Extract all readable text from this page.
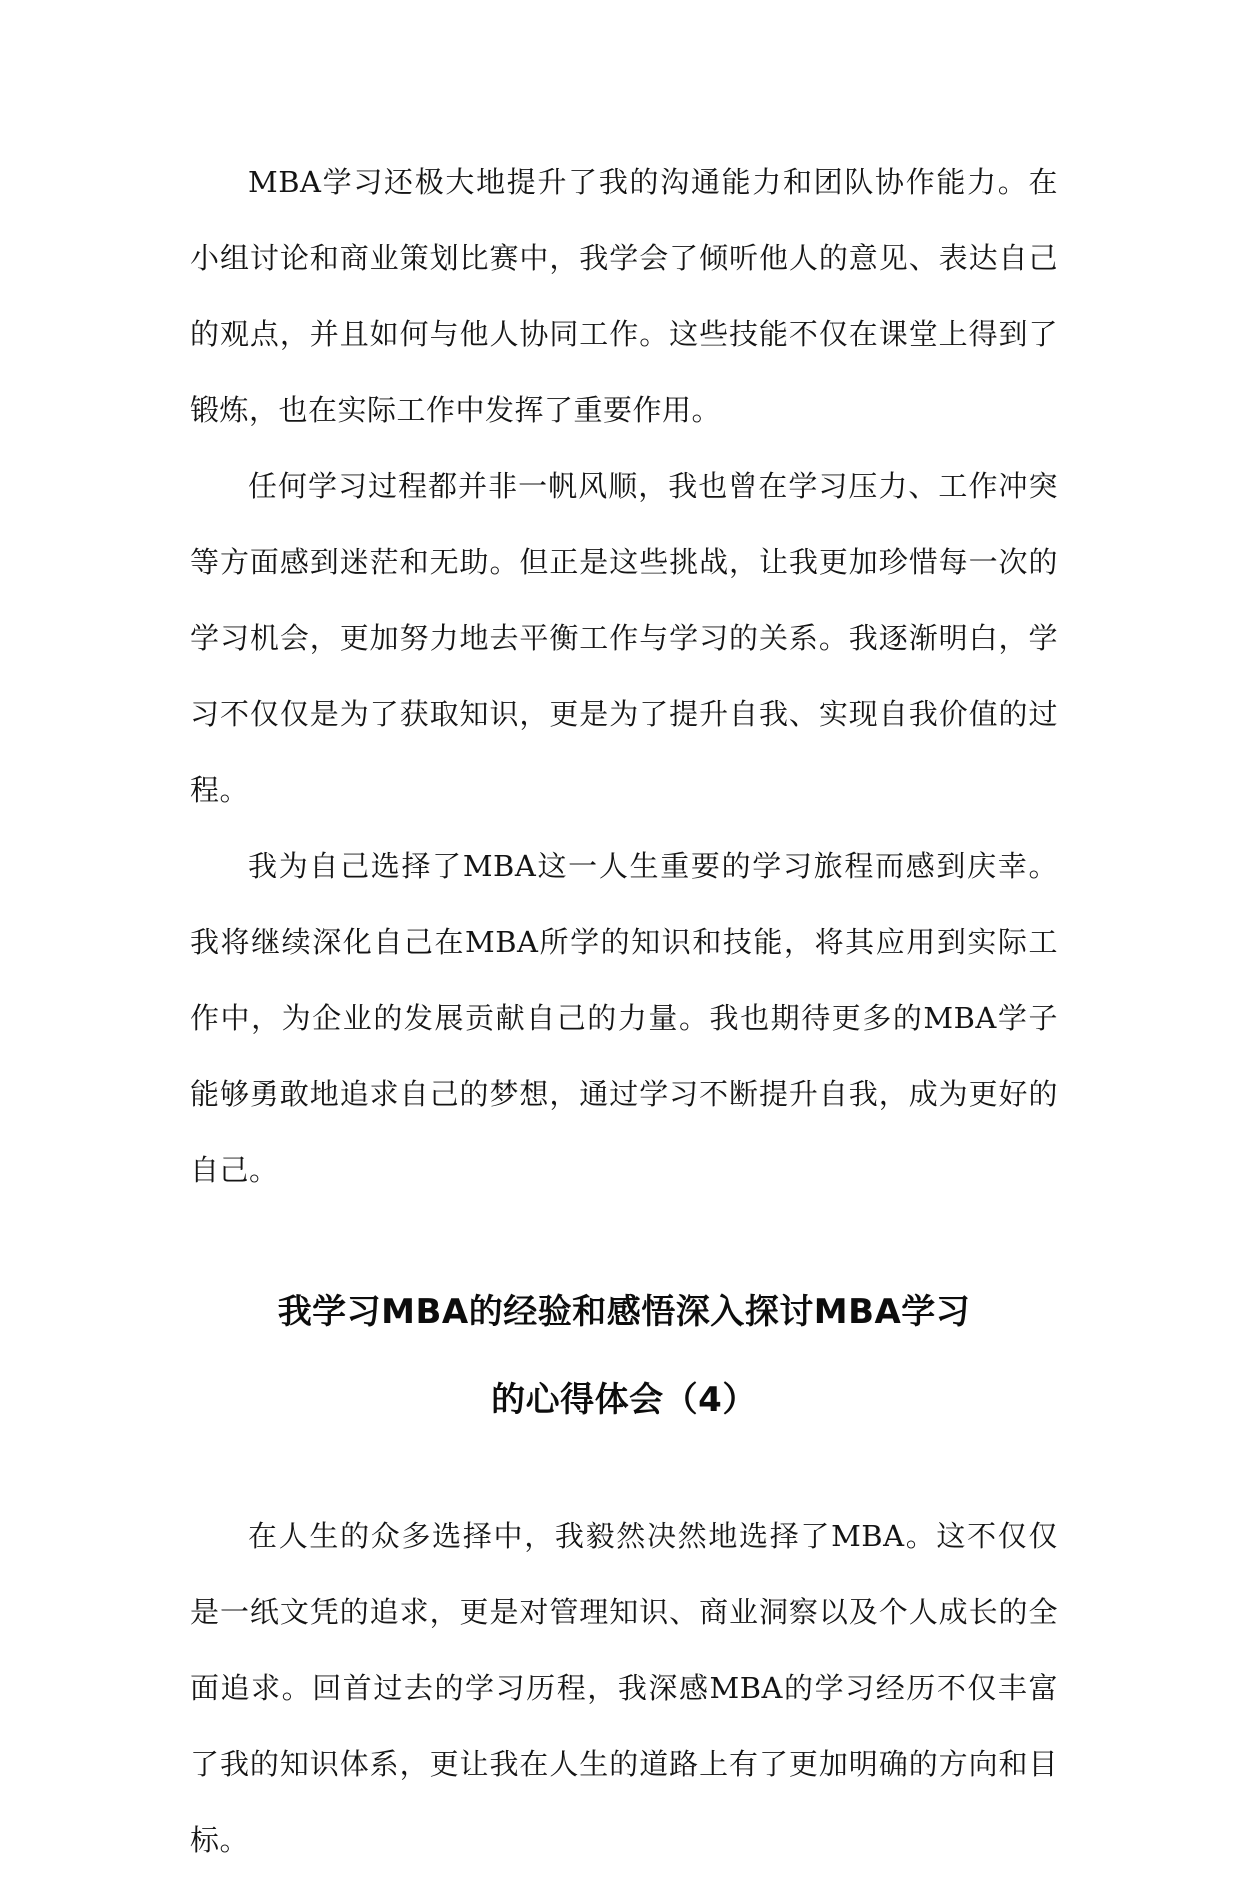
MBA学习还极大地提升了我的沟通能力和团队协作能力。在小组讨论和商业策划比赛中，我学会了倾听他人的意见、表达自己的观点，并且如何与他人协同工作。这些技能不仅在课堂上得到了锻炼，也在实际工作中发挥了重要作用。

任何学习过程都并非一帆风顺，我也曾在学习压力、工作冲突等方面感到迷茫和无助。但正是这些挑战，让我更加珍惜每一次的学习机会，更加努力地去平衡工作与学习的关系。我逐渐明白，学习不仅仅是为了获取知识，更是为了提升自我、实现自我价值的过程。

我为自己选择了MBA这一人生重要的学习旅程而感到庆幸。我将继续深化自己在MBA所学的知识和技能，将其应用到实际工作中，为企业的发展贡献自己的力量。我也期待更多的MBA学子能够勇敢地追求自己的梦想，通过学习不断提升自我，成为更好的自己。

我学习MBA的经验和感悟深入探讨MBA学习
的心得体会（4）

在人生的众多选择中，我毅然决然地选择了MBA。这不仅仅是一纸文凭的追求，更是对管理知识、商业洞察以及个人成长的全面追求。回首过去的学习历程，我深感MBA的学习经历不仅丰富了我的知识体系，更让我在人生的道路上有了更加明确的方向和目标。
